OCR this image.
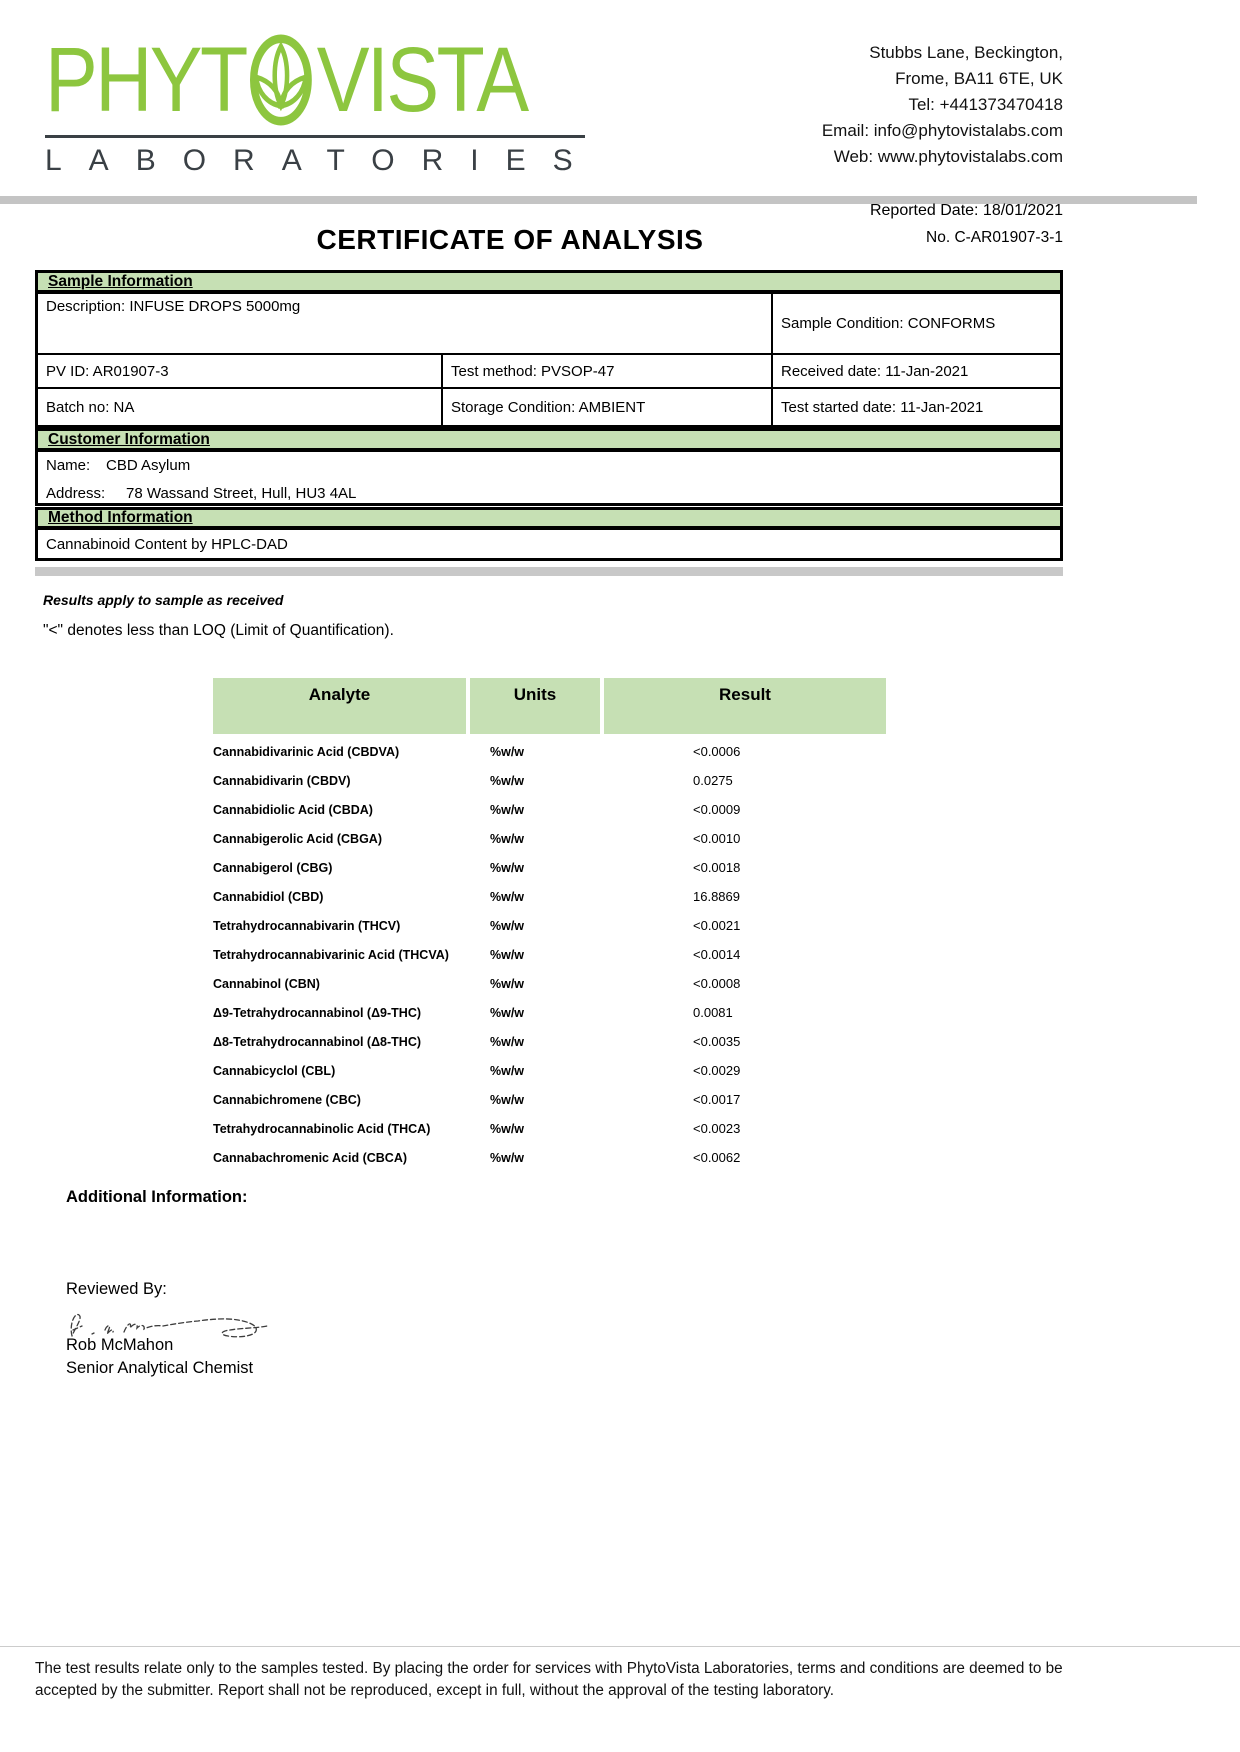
PHYT VISTA
LABORATORIES
Stubbs Lane, Beckington,
Frome, BA11 6TE, UK
Tel: +441373470418
Email: info@phytovistalabs.com
Web: www.phytovistalabs.com
Reported Date: 18/01/2021
No. C-AR01907-3-1
CERTIFICATE OF ANALYSIS
Sample Information
Description: INFUSE DROPS 5000mg
Sample Condition: CONFORMS
PV ID: AR01907-3	Test method: PVSOP-47	Received date: 11-Jan-2021
Batch no: NA	Storage Condition: AMBIENT	Test started date: 11-Jan-2021
Customer Information
Name:	CBD Asylum
Address:	78 Wassand Street, Hull, HU3 4AL
Method Information
Cannabinoid Content by HPLC-DAD
Results apply to sample as received
"<" denotes less than LOQ (Limit of Quantification).
Analyte	Units	Result
Cannabidivarinic Acid (CBDVA)	%w/w	<0.0006
Cannabidivarin (CBDV)	%w/w	0.0275
Cannabidiolic Acid (CBDA)	%w/w	<0.0009
Cannabigerolic Acid (CBGA)	%w/w	<0.0010
Cannabigerol (CBG)	%w/w	<0.0018
Cannabidiol (CBD)	%w/w	16.8869
Tetrahydrocannabivarin (THCV)	%w/w	<0.0021
Tetrahydrocannabivarinic Acid (THCVA)	%w/w	<0.0014
Cannabinol (CBN)	%w/w	<0.0008
Δ9-Tetrahydrocannabinol (Δ9-THC)	%w/w	0.0081
Δ8-Tetrahydrocannabinol (Δ8-THC)	%w/w	<0.0035
Cannabicyclol (CBL)	%w/w	<0.0029
Cannabichromene (CBC)	%w/w	<0.0017
Tetrahydrocannabinolic Acid (THCA)	%w/w	<0.0023
Cannabachromenic Acid (CBCA)	%w/w	<0.0062
Additional Information:
Reviewed By:
Rob McMahon
Senior Analytical Chemist
The test results relate only to the samples tested. By placing the order for services with PhytoVista Laboratories, terms and conditions are deemed to be accepted by the submitter. Report shall not be reproduced, except in full, without the approval of the testing laboratory.
